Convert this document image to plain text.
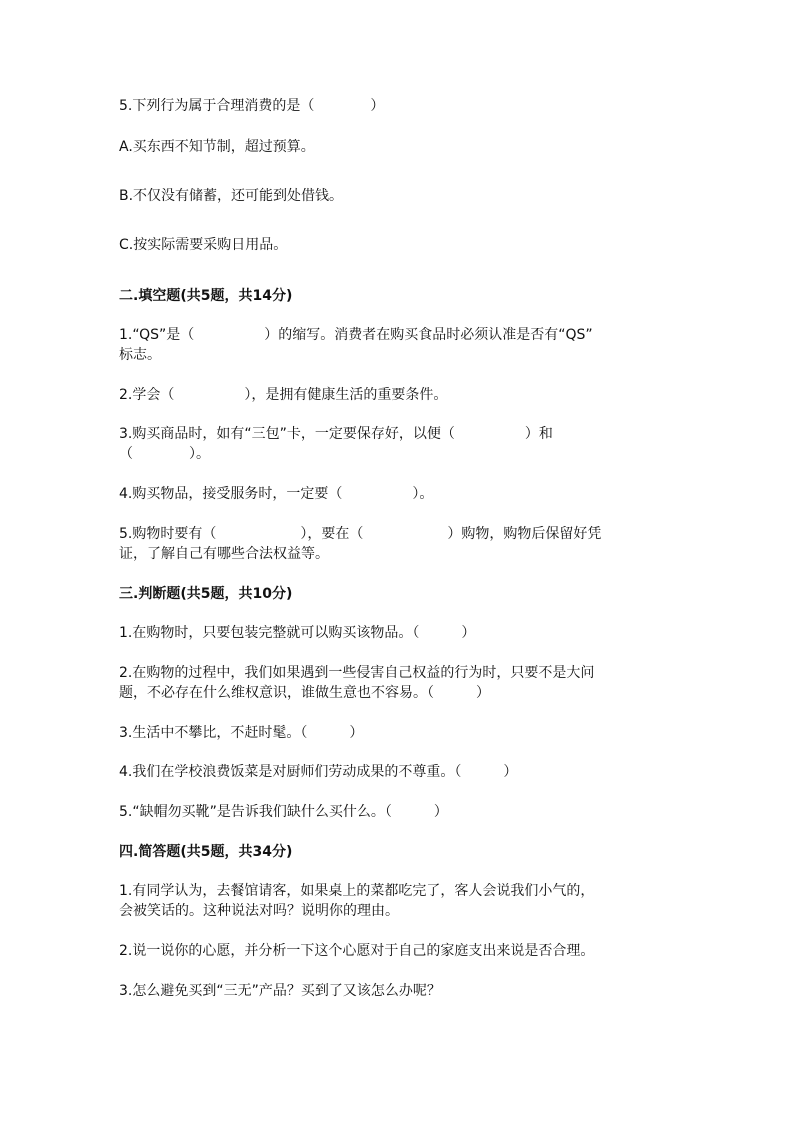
5.下列行为属于合理消费的是（　　　　）
A.买东西不知节制，超过预算。
B.不仅没有储蓄，还可能到处借钱。
C.按实际需要采购日用品。
二.填空题(共5题，共14分)
1.“QS”是（　　　　　）的缩写。消费者在购买食品时必须认准是否有“QS”
标志。
2.学会（　　　　　），是拥有健康生活的重要条件。
3.购买商品时，如有“三包”卡，一定要保存好，以便（　　　　　）和
（　　　　）。
4.购买物品，接受服务时，一定要（　　　　　）。
5.购物时要有（　　　　　　），要在（　　　　　　）购物，购物后保留好凭
证，了解自己有哪些合法权益等。
三.判断题(共5题，共10分)
1.在购物时，只要包装完整就可以购买该物品。（　　　）
2.在购物的过程中，我们如果遇到一些侵害自己权益的行为时，只要不是大问
题，不必存在什么维权意识，谁做生意也不容易。（　　　）
3.生活中不攀比，不赶时髦。（　　　）
4.我们在学校浪费饭菜是对厨师们劳动成果的不尊重。（　　　）
5.“缺帽勿买靴”是告诉我们缺什么买什么。（　　　）
四.简答题(共5题，共34分)
1.有同学认为，去餐馆请客，如果桌上的菜都吃完了，客人会说我们小气的，
会被笑话的。这种说法对吗？说明你的理由。
2.说一说你的心愿，并分析一下这个心愿对于自己的家庭支出来说是否合理。
3.怎么避免买到“三无”产品？买到了又该怎么办呢？
